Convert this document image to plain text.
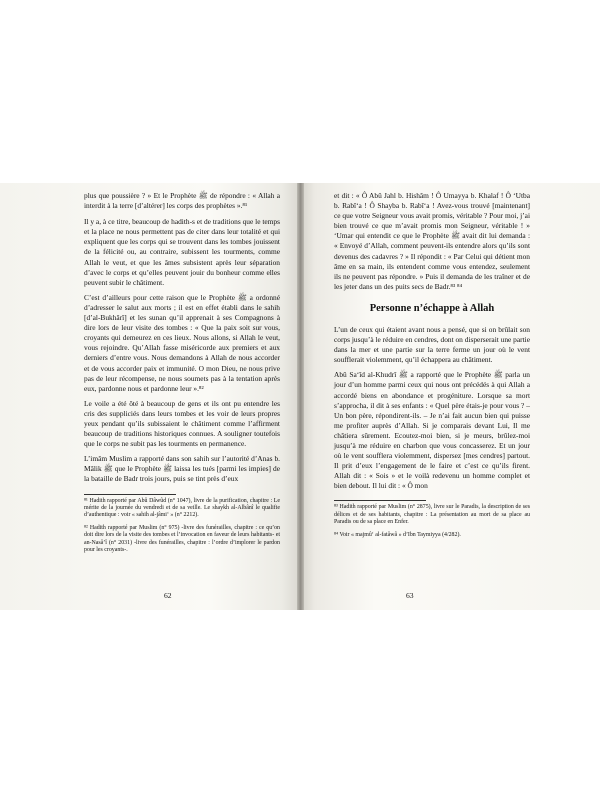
plus que poussière ? » Et le Prophète ﷺ de répondre : « Allah a interdit à la terre [d’altérer] les corps des prophètes ».⁸¹

Il y a, à ce titre, beaucoup de hadith-s et de traditions que le temps et la place ne nous permettent pas de citer dans leur totalité et qui expliquent que les corps qui se trouvent dans les tombes jouissent de la félicité ou, au contraire, subissent les tourments, comme Allah le veut, et que les âmes subsistent après leur séparation d’avec le corps et qu’elles peuvent jouir du bonheur comme elles peuvent subir le châtiment.

C’est d’ailleurs pour cette raison que le Prophète ﷺ a ordonné d’adresser le salut aux morts ; il est en effet établi dans le sahih [d’al-Bukhârî] et les sunan qu’il apprenait à ses Compagnons à dire lors de leur visite des tombes : « Que la paix soit sur vous, croyants qui demeurez en ces lieux. Nous allons, si Allah le veut, vous rejoindre. Qu’Allah fasse miséricorde aux premiers et aux derniers d’entre vous. Nous demandons à Allah de nous accorder et de vous accorder paix et immunité. O mon Dieu, ne nous prive pas de leur récompense, ne nous soumets pas à la tentation après eux, pardonne nous et pardonne leur ».⁸²

Le voile a été ôté à beaucoup de gens et ils ont pu entendre les cris des suppliciés dans leurs tombes et les voir de leurs propres yeux pendant qu’ils subissaient le châtiment comme l’affirment beaucoup de traditions historiques connues. A souligner toutefois que le corps ne subit pas les tourments en permanence.

L’imâm Muslim a rapporté dans son sahih sur l’autorité d’Anas b. Mâlik ﷺ que le Prophète ﷺ laissa les tués [parmi les impies] de la bataille de Badr trois jours, puis se tint près d’eux

⁸¹ Hadith rapporté par Abû Dâwûd (n° 1047), livre de la purification, chapitre : Le mérite de la journée du vendredi et de sa veille. Le shaykh al-Albânî le qualifie d’authentique : voir « sahih al-jâmi‘ » (n° 2212).

⁸² Hadith rapporté par Muslim (n° 975) -livre des funérailles, chapitre : ce qu’on doit dire lors de la visite des tombes et l’invocation en faveur de leurs habitants- et an-Nasâ’î (n° 2031) -livre des funérailles, chapitre : l’ordre d’implorer le pardon pour les croyants-.

62

et dit : « Ô Abû Jahl b. Hishâm ! Ô Umayya b. Khalaf ! Ô ‘Utba b. Rabî‘a ! Ô Shayba b. Rabî‘a ! Avez-vous trouvé [maintenant] ce que votre Seigneur vous avait promis, véritable ? Pour moi, j’ai bien trouvé ce que m’avait promis mon Seigneur, véritable ! » ‘Umar qui entendit ce que le Prophète ﷺ avait dit lui demanda : « Envoyé d’Allah, comment peuvent-ils entendre alors qu’ils sont devenus des cadavres ? » Il répondit : « Par Celui qui détient mon âme en sa main, ils entendent comme vous entendez, seulement ils ne peuvent pas répondre. » Puis il demanda de les traîner et de les jeter dans un des puits secs de Badr.⁸³ ⁸⁴

Personne n’échappe à Allah

L’un de ceux qui étaient avant nous a pensé, que si on brûlait son corps jusqu’à le réduire en cendres, dont on disperserait une partie dans la mer et une partie sur la terre ferme un jour où le vent soufflerait violemment, qu’il échappera au châtiment.

Abû Sa‘îd al-Khudrî ﷺ a rapporté que le Prophète ﷺ parla un jour d’un homme parmi ceux qui nous ont précédés à qui Allah a accordé biens en abondance et progéniture. Lorsque sa mort s’approcha, il dit à ses enfants : « Quel père étais-je pour vous ? – Un bon père, répondirent-ils. – Je n’ai fait aucun bien qui puisse me profiter auprès d’Allah. Si je comparais devant Lui, Il me châtiera sûrement. Ecoutez-moi bien, si je meurs, brûlez-moi jusqu’à me réduire en charbon que vous concasserez. Et un jour où le vent soufflera violemment, dispersez [mes cendres] partout. Il prit d’eux l’engagement de le faire et c’est ce qu’ils firent. Allah dit : « Sois » et le voilà redevenu un homme complet et bien debout. Il lui dit : « Ô mon

⁸³ Hadith rapporté par Muslim (n° 2875), livre sur le Paradis, la description de ses délices et de ses habitants, chapitre : La présentation au mort de sa place au Paradis ou de sa place en Enfer.

⁸⁴ Voir « majmû‘ al-fatâwâ » d’Ibn Taymiyya (4/282).

63
